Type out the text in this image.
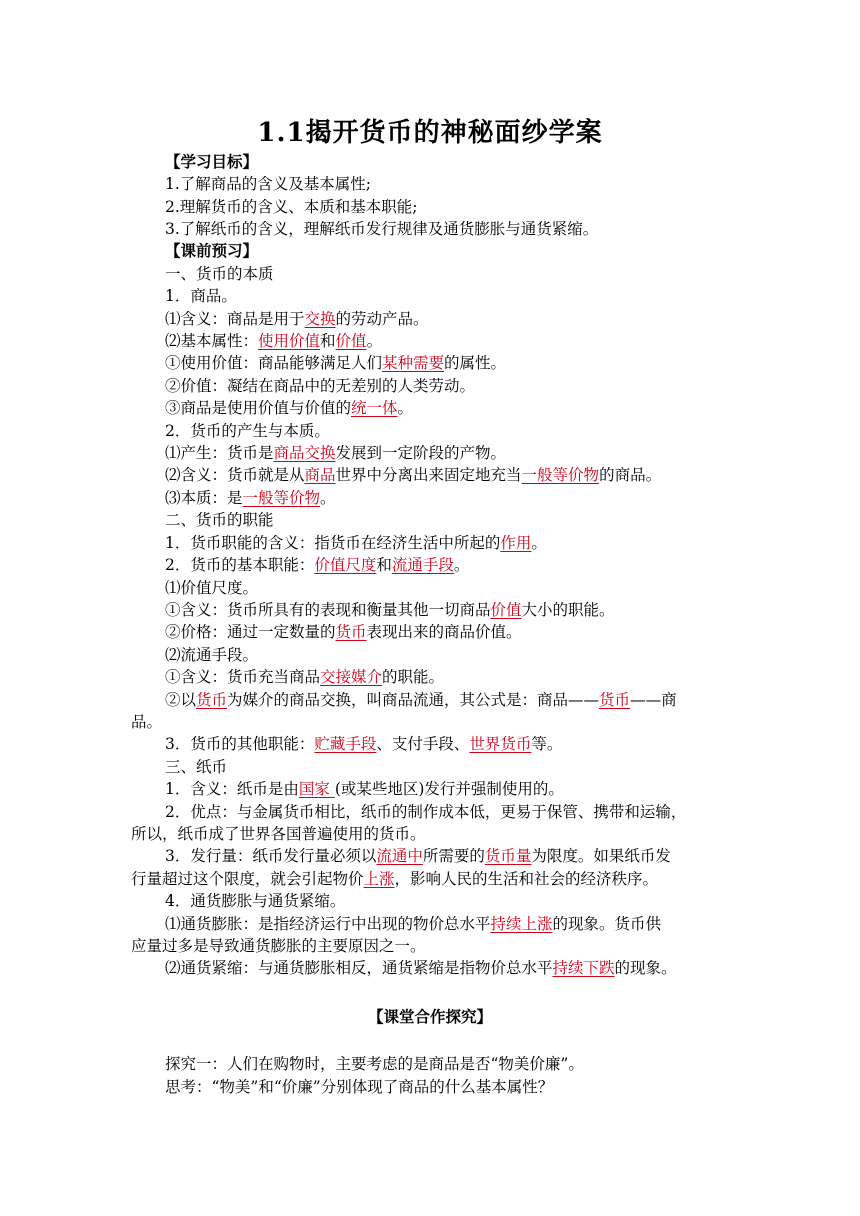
1.1揭开货币的神秘面纱学案
【学习目标】
1.了解商品的含义及基本属性;
2.理解货币的含义、本质和基本职能;
3.了解纸币的含义，理解纸币发行规律及通货膨胀与通货紧缩。
【课前预习】
一、货币的本质
1．商品。
⑴含义：商品是用于交换的劳动产品。
⑵基本属性：使用价值和价值。
①使用价值：商品能够满足人们某种需要的属性。
②价值：凝结在商品中的无差别的人类劳动。
③商品是使用价值与价值的统一体。
2．货币的产生与本质。
⑴产生：货币是商品交换发展到一定阶段的产物。
⑵含义：货币就是从商品世界中分离出来固定地充当一般等价物的商品。
⑶本质：是一般等价物。
二、货币的职能
1．货币职能的含义：指货币在经济生活中所起的作用。
2．货币的基本职能：价值尺度和流通手段。
⑴价值尺度。
①含义：货币所具有的表现和衡量其他一切商品价值大小的职能。
②价格：通过一定数量的货币表现出来的商品价值。
⑵流通手段。
①含义：货币充当商品交接媒介的职能。
②以货币为媒介的商品交换，叫商品流通，其公式是：商品——货币——商
品。
3．货币的其他职能：贮藏手段、支付手段、世界货币等。
三、纸币
1．含义：纸币是由国家 (或某些地区)发行并强制使用的。
2．优点：与金属货币相比，纸币的制作成本低，更易于保管、携带和运输，
所以，纸币成了世界各国普遍使用的货币。
3．发行量：纸币发行量必须以流通中所需要的货币量为限度。如果纸币发
行量超过这个限度，就会引起物价上涨，影响人民的生活和社会的经济秩序。
4．通货膨胀与通货紧缩。
⑴通货膨胀：是指经济运行中出现的物价总水平持续上涨的现象。货币供
应量过多是导致通货膨胀的主要原因之一。
⑵通货紧缩：与通货膨胀相反，通货紧缩是指物价总水平持续下跌的现象。
【课堂合作探究】
探究一：人们在购物时，主要考虑的是商品是否“物美价廉”。
思考：“物美”和“价廉”分别体现了商品的什么基本属性？
